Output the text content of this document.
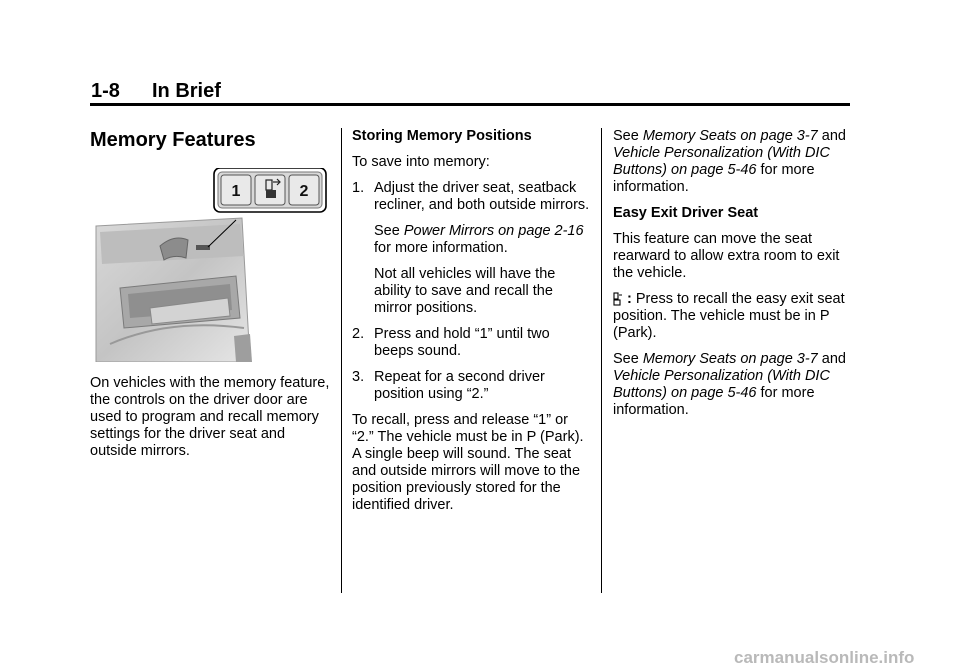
1-8 In Brief
Memory Features
1	2

On vehicles with the memory feature, the controls on the driver door are used to program and recall memory settings for the driver seat and outside mirrors.

Storing Memory Positions

To save into memory:

1. Adjust the driver seat, seatback recliner, and both outside mirrors.

See Power Mirrors on page 2-16 for more information.

Not all vehicles will have the ability to save and recall the mirror positions.

2. Press and hold “1” until two beeps sound.
3. Repeat for a second driver position using “2.”

To recall, press and release “1” or “2.” The vehicle must be in P (Park). A single beep will sound. The seat and outside mirrors will move to the position previously stored for the identified driver.

See Memory Seats on page 3-7 and Vehicle Personalization (With DIC Buttons) on page 5-46 for more information.

Easy Exit Driver Seat

This feature can move the seat rearward to allow extra room to exit the vehicle.

: Press to recall the easy exit seat position. The vehicle must be in P (Park).

See Memory Seats on page 3-7 and Vehicle Personalization (With DIC Buttons) on page 5-46 for more information.

carmanualsonline.info
